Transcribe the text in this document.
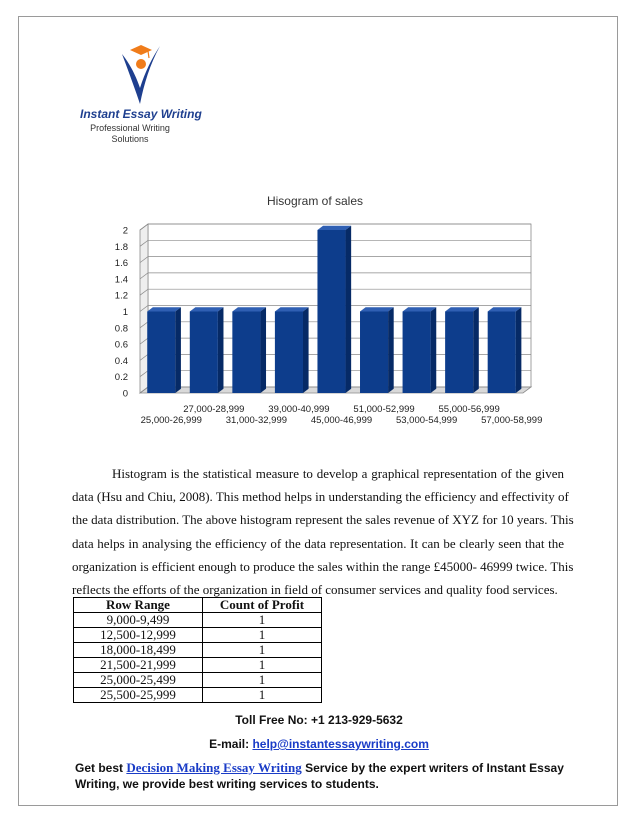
Instant Essay Writing
Professional Writing
Solutions
Hisogram of sales
0
0.2
0.4
0.6
0.8
1
1.2
1.4
1.6
1.8
2
25,000-26,999
27,000-28,999
31,000-32,999
39,000-40,999
45,000-46,999
51,000-52,999
53,000-54,999
55,000-56,999
57,000-58,999
Histogram is the statistical measure to develop a graphical representation of the given
data (Hsu and Chiu, 2008). This method helps in understanding the efficiency and effectivity of
the data distribution. The above histogram represent the sales revenue of XYZ for 10 years. This
data helps in analysing the efficiency of the data representation. It can be clearly seen that the
organization is efficient enough to produce the sales within the range £45000- 46999 twice. This
reflects the efforts of the organization in field of consumer services and quality food services.
Row Range	Count of Profit
9,000-9,499	1
12,500-12,999	1
18,000-18,499	1
21,500-21,999	1
25,000-25,499	1
25,500-25,999	1
Toll Free No: +1 213-929-5632
E-mail: help@instantessaywriting.com
Get best Decision Making Essay Writing Service by the expert writers of Instant Essay
Writing, we provide best writing services to students.
